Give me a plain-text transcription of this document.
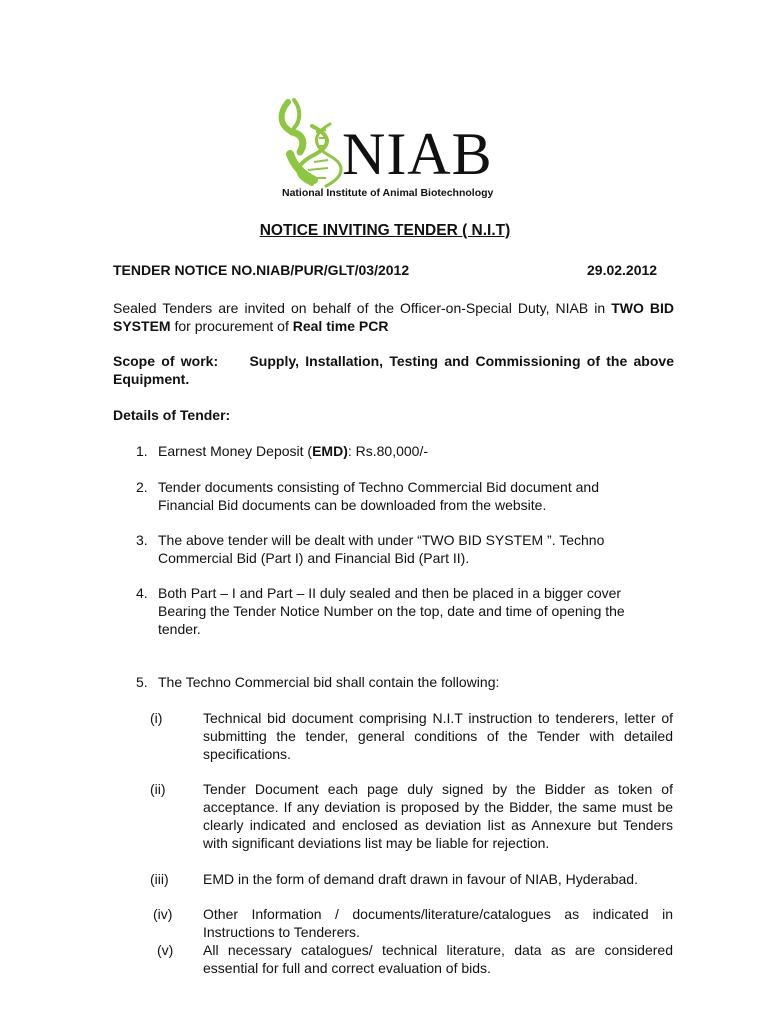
NIAB
National Institute of Animal Biotechnology
NOTICE INVITING TENDER ( N.I.T)
TENDER NOTICE NO.NIAB/PUR/GLT/03/2012	29.02.2012
Sealed Tenders are invited on behalf of the Officer-on-Special Duty, NIAB in TWO BID SYSTEM for procurement of Real time PCR
Scope of work: Supply, Installation, Testing and Commissioning of the above Equipment.
Details of Tender:
1. Earnest Money Deposit (EMD): Rs.80,000/-
2. Tender documents consisting of Techno Commercial Bid document and
Financial Bid documents can be downloaded from the website.
3. The above tender will be dealt with under “TWO BID SYSTEM ”. Techno
Commercial Bid (Part I) and Financial Bid (Part II).
4. Both Part – I and Part – II duly sealed and then be placed in a bigger cover
Bearing the Tender Notice Number on the top, date and time of opening the
tender.
5. The Techno Commercial bid shall contain the following:
(i)	Technical bid document comprising N.I.T instruction to tenderers, letter of submitting the tender, general conditions of the Tender with detailed specifications.
(ii)	Tender Document each page duly signed by the Bidder as token of acceptance. If any deviation is proposed by the Bidder, the same must be clearly indicated and enclosed as deviation list as Annexure but Tenders with significant deviations list may be liable for rejection.
(iii) EMD in the form of demand draft drawn in favour of NIAB, Hyderabad.
(iv) Other Information / documents/literature/catalogues as indicated in Instructions to Tenderers.
(v) All necessary catalogues/ technical literature, data as are considered essential for full and correct evaluation of bids.
